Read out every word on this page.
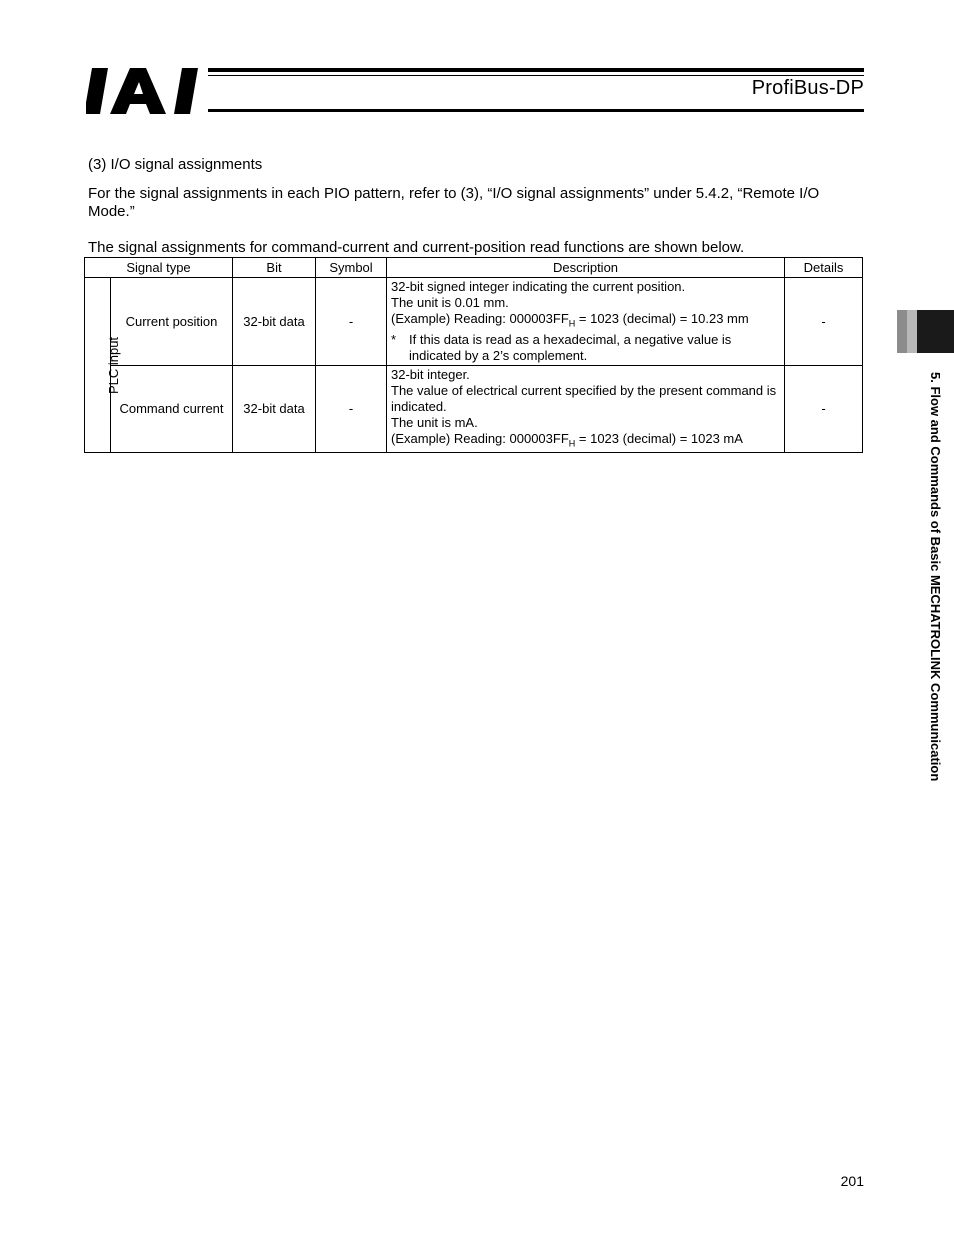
ProfiBus-DP
(3) I/O signal assignments
For the signal assignments in each PIO pattern, refer to (3), “I/O signal assignments” under 5.4.2, “Remote I/O Mode.”
The signal assignments for command-current and current-position read functions are shown below.
Signal type		Bit	Symbol	Description	Details
PLC input	Current position	32-bit data	-	32-bit signed integer indicating the current position.
The unit is 0.01 mm.
(Example) Reading: $000003FF_H = 1023$ (decimal) = 10.23 mm
* If this data is read as a hexadecimal, a negative value is indicated by a 2’s complement.	-
	Command current	32-bit data	-	32-bit integer.
The value of electrical current specified by the present command is indicated.
The unit is mA.
(Example) Reading: $000003FF_H = 1023$ (decimal) = 1023 mA	-	5. Flow and Commands of Basic MECHATROLINK Communication
201
